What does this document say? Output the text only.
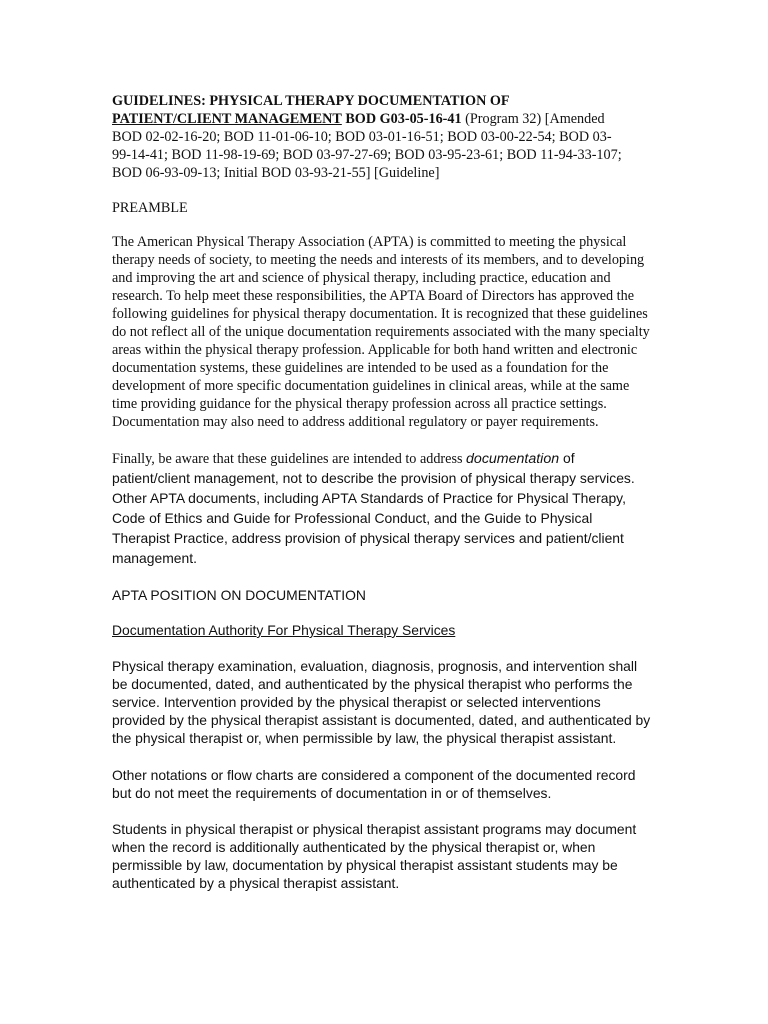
GUIDELINES: PHYSICAL THERAPY DOCUMENTATION OF
PATIENT/CLIENT MANAGEMENT BOD G03-05-16-41 (Program 32) [Amended
BOD 02-02-16-20; BOD 11-01-06-10; BOD 03-01-16-51; BOD 03-00-22-54; BOD 03-
99-14-41; BOD 11-98-19-69; BOD 03-97-27-69; BOD 03-95-23-61; BOD 11-94-33-107;
BOD 06-93-09-13; Initial BOD 03-93-21-55] [Guideline]

PREAMBLE

The American Physical Therapy Association (APTA) is committed to meeting the physical therapy needs of society, to meeting the needs and interests of its members, and to developing and improving the art and science of physical therapy, including practice, education and research. To help meet these responsibilities, the APTA Board of Directors has approved the following guidelines for physical therapy documentation. It is recognized that these guidelines do not reflect all of the unique documentation requirements associated with the many specialty areas within the physical therapy profession. Applicable for both hand written and electronic documentation systems, these guidelines are intended to be used as a foundation for the development of more specific documentation guidelines in clinical areas, while at the same time providing guidance for the physical therapy profession across all practice settings. Documentation may also need to address additional regulatory or payer requirements.

Finally, be aware that these guidelines are intended to address documentation of patient/client management, not to describe the provision of physical therapy services. Other APTA documents, including APTA Standards of Practice for Physical Therapy, Code of Ethics and Guide for Professional Conduct, and the Guide to Physical Therapist Practice, address provision of physical therapy services and patient/client management.

APTA POSITION ON DOCUMENTATION

Documentation Authority For Physical Therapy Services

Physical therapy examination, evaluation, diagnosis, prognosis, and intervention shall be documented, dated, and authenticated by the physical therapist who performs the service. Intervention provided by the physical therapist or selected interventions provided by the physical therapist assistant is documented, dated, and authenticated by the physical therapist or, when permissible by law, the physical therapist assistant.

Other notations or flow charts are considered a component of the documented record but do not meet the requirements of documentation in or of themselves.

Students in physical therapist or physical therapist assistant programs may document when the record is additionally authenticated by the physical therapist or, when permissible by law, documentation by physical therapist assistant students may be authenticated by a physical therapist assistant.
